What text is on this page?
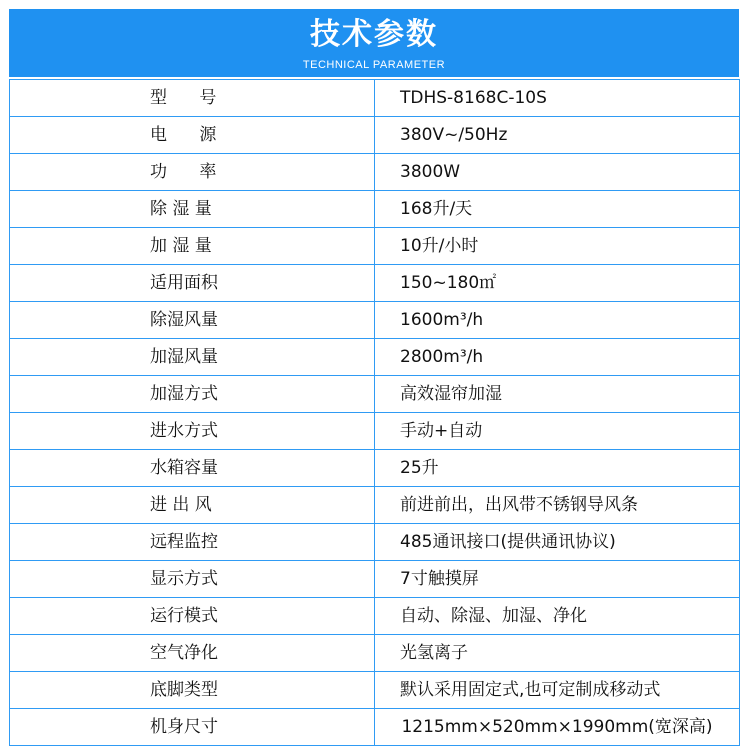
技术参数
TECHNICAL PARAMETER
型      号	TDHS-8168C-10S
电      源	380V~/50Hz
功      率	3800W
除 湿 量	168升/天
加 湿 量	10升/小时
适用面积	150~180㎡
除湿风量	1600m³/h
加湿风量	2800m³/h
加湿方式	高效湿帘加湿
进水方式	手动+自动
水箱容量	25升
进 出 风	前进前出，出风带不锈钢导风条
远程监控	485通讯接口(提供通讯协议)
显示方式	7寸触摸屏
运行模式	自动、除湿、加湿、净化
空气净化	光氢离子
底脚类型	默认采用固定式,也可定制成移动式
机身尺寸	1215mm×520mm×1990mm(宽深高)
